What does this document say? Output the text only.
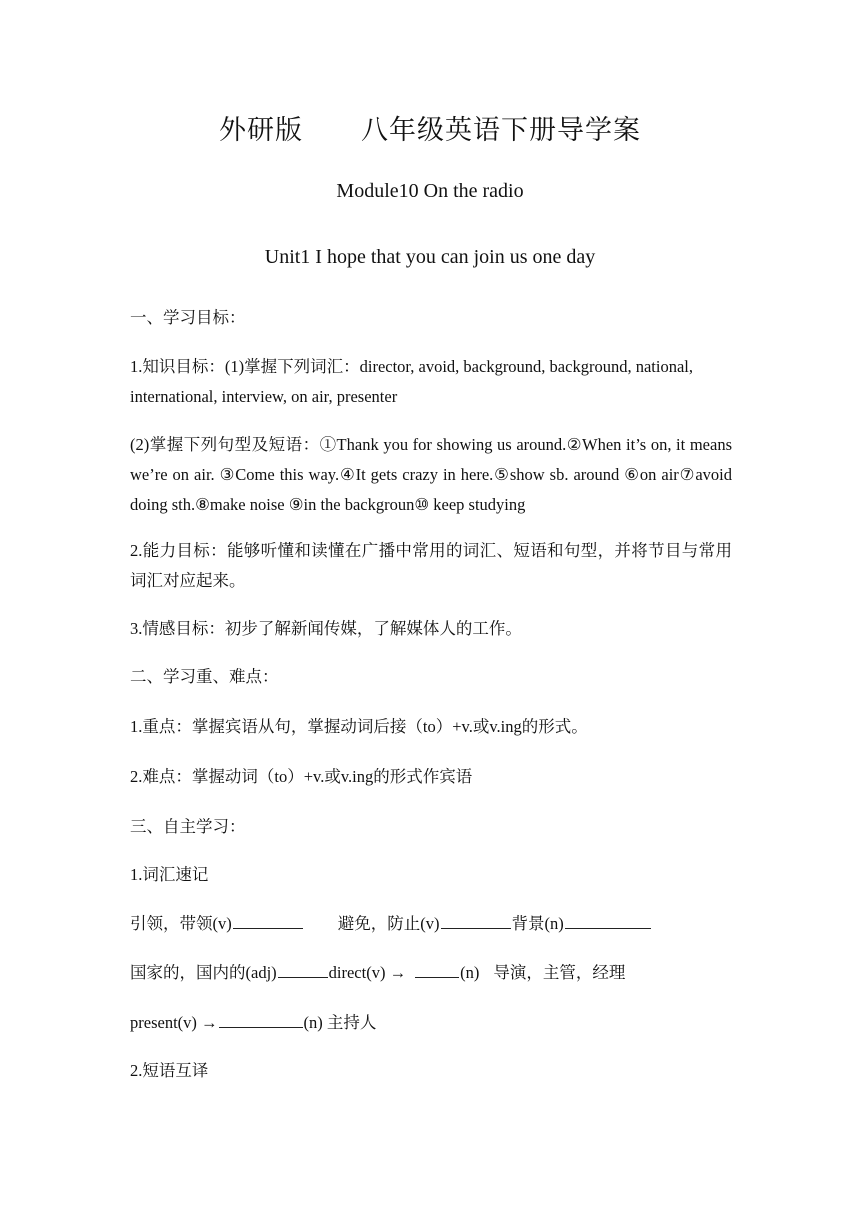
外研版 八年级英语下册导学案
Module10 On the radio
Unit1 I hope that you can join us one day
一、学习目标：
1.知识目标：(1)掌握下列词汇：director, avoid, background, background, national,
international, interview, on air, presenter
(2)掌握下列句型及短语：①Thank you for showing us around.②When it’s on, it means we’re on air. ③Come this way.④It gets crazy in here.⑤show sb. around ⑥on air⑦avoid doing sth.⑧make noise ⑨in the backgroun⑩ keep studying
2.能力目标：能够听懂和读懂在广播中常用的词汇、短语和句型，并将节目与常用词汇对应起来。
3.情感目标：初步了解新闻传媒，了解媒体人的工作。
二、学习重、难点：
1.重点：掌握宾语从句，掌握动词后接（to）+v.或v.ing的形式。
2.难点：掌握动词（to）+v.或v.ing的形式作宾语
三、自主学习：
1.词汇速记
引领，带领(v)	避免，防止(v)	背景(n)
国家的，国内的(adj)	direct(v) →	(n) 导演，主管，经理
present(v) →	(n) 主持人
2.短语互译
